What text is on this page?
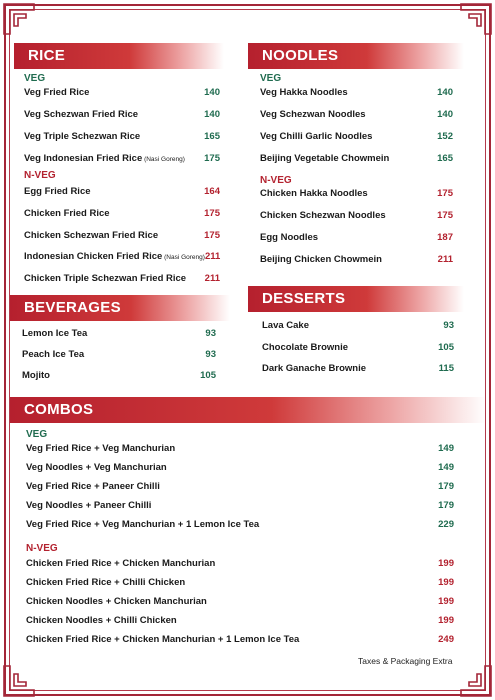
RICE
VEG
Veg Fried Rice	140
Veg Schezwan Fried Rice	140
Veg Triple Schezwan Rice	165
Veg Indonesian Fried Rice (Nasi Goreng) 175
N-VEG
Egg Fried Rice	164
Chicken Fried Rice	175
Chicken Schezwan Fried Rice	175
Indonesian Chicken Fried Rice (Nasi Goreng) 211
Chicken Triple Schezwan Fried Rice 211
NOODLES
VEG
Veg Hakka Noodles	140
Veg Schezwan Noodles	140
Veg Chilli Garlic Noodles	152
Beijing Vegetable Chowmein	165
N-VEG
Chicken Hakka Noodles	175
Chicken Schezwan Noodles	175
Egg Noodles	187
Beijing Chicken Chowmein	211
BEVERAGES
Lemon Ice Tea	93
Peach Ice Tea	93
Mojito	105
DESSERTS
Lava Cake	93
Chocolate Brownie	105
Dark Ganache Brownie	115
COMBOS
VEG
Veg Fried Rice + Veg Manchurian	149
Veg Noodles + Veg Manchurian	149
Veg Fried Rice + Paneer Chilli	179
Veg Noodles + Paneer Chilli	179
Veg Fried Rice + Veg Manchurian + 1 Lemon Ice Tea	229
N-VEG
Chicken Fried Rice + Chicken Manchurian	199
Chicken Fried Rice + Chilli Chicken	199
Chicken Noodles + Chicken Manchurian	199
Chicken Noodles + Chilli Chicken	199
Chicken Fried Rice + Chicken Manchurian + 1 Lemon Ice Tea	249
Taxes & Packaging Extra
